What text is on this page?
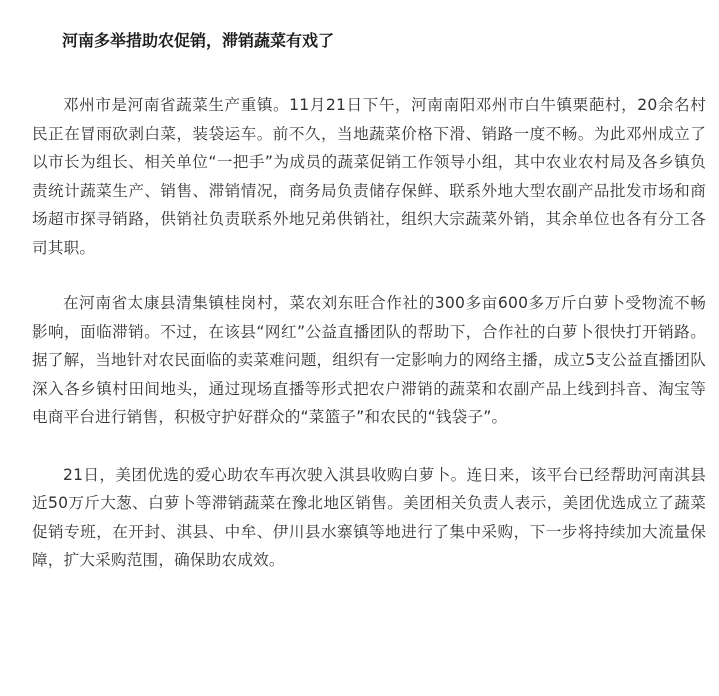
河南多举措助农促销，滞销蔬菜有戏了

邓州市是河南省蔬菜生产重镇。11月21日下午，河南南阳邓州市白牛镇栗葩村，20余名村民正在冒雨砍剥白菜，装袋运车。前不久，当地蔬菜价格下滑、销路一度不畅。为此邓州成立了以市长为组长、相关单位“一把手”为成员的蔬菜促销工作领导小组，其中农业农村局及各乡镇负责统计蔬菜生产、销售、滞销情况，商务局负责储存保鲜、联系外地大型农副产品批发市场和商场超市探寻销路，供销社负责联系外地兄弟供销社，组织大宗蔬菜外销，其余单位也各有分工各司其职。

在河南省太康县清集镇桂岗村，菜农刘东旺合作社的300多亩600多万斤白萝卜受物流不畅影响，面临滞销。不过，在该县“网红”公益直播团队的帮助下，合作社的白萝卜很快打开销路。据了解，当地针对农民面临的卖菜难问题，组织有一定影响力的网络主播，成立5支公益直播团队深入各乡镇村田间地头，通过现场直播等形式把农户滞销的蔬菜和农副产品上线到抖音、淘宝等电商平台进行销售，积极守护好群众的“菜篮子”和农民的“钱袋子”。

21日，美团优选的爱心助农车再次驶入淇县收购白萝卜。连日来，该平台已经帮助河南淇县近50万斤大葱、白萝卜等滞销蔬菜在豫北地区销售。美团相关负责人表示，美团优选成立了蔬菜促销专班，在开封、淇县、中牟、伊川县水寨镇等地进行了集中采购，下一步将持续加大流量保障，扩大采购范围，确保助农成效。
